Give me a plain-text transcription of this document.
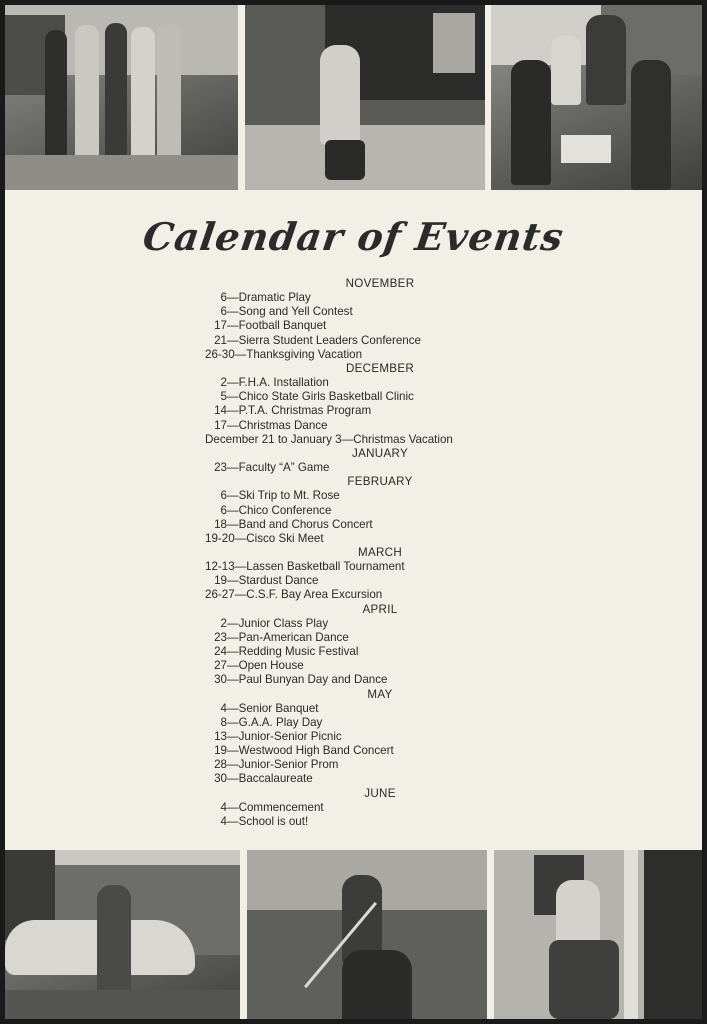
Calendar of Events
NOVEMBER
6—Dramatic Play
6—Song and Yell Contest
17—Football Banquet
21—Sierra Student Leaders Conference
26-30—Thanksgiving Vacation
DECEMBER
2—F.H.A. Installation
5—Chico State Girls Basketball Clinic
14—P.T.A. Christmas Program
17—Christmas Dance
December 21 to January 3—Christmas Vacation
JANUARY
23—Faculty “A” Game
FEBRUARY
6—Ski Trip to Mt. Rose
6—Chico Conference
18—Band and Chorus Concert
19-20—Cisco Ski Meet
MARCH
12-13—Lassen Basketball Tournament
19—Stardust Dance
26-27—C.S.F. Bay Area Excursion
APRIL
2—Junior Class Play
23—Pan-American Dance
24—Redding Music Festival
27—Open House
30—Paul Bunyan Day and Dance
MAY
4—Senior Banquet
8—G.A.A. Play Day
13—Junior-Senior Picnic
19—Westwood High Band Concert
28—Junior-Senior Prom
30—Baccalaureate
JUNE
4—Commencement
4—School is out!
